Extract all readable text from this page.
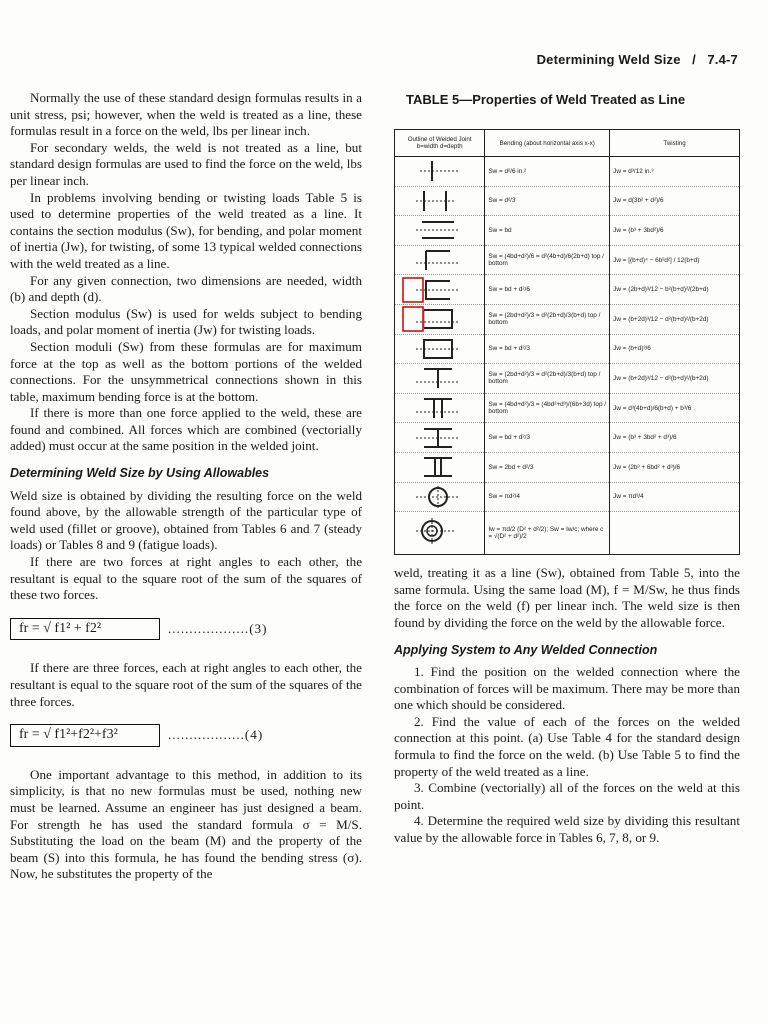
Determining Weld Size / 7.4-7

Normally the use of these standard design formulas results in a unit stress, psi; however, when the weld is treated as a line, these formulas result in a force on the weld, lbs per linear inch.

For secondary welds, the weld is not treated as a line, but standard design formulas are used to find the force on the weld, lbs per linear inch.

In problems involving bending or twisting loads Table 5 is used to determine properties of the weld treated as a line. It contains the section modulus (Sw), for bending, and polar moment of inertia (Jw), for twisting, of some 13 typical welded connections with the weld treated as a line.

For any given connection, two dimensions are needed, width (b) and depth (d).

Section modulus (Sw) is used for welds subject to bending loads, and polar moment of inertia (Jw) for twisting loads.

Section moduli (Sw) from these formulas are for maximum force at the top as well as the bottom portions of the welded connections. For the unsymmetrical connections shown in this table, maximum bending force is at the bottom.

If there is more than one force applied to the weld, these are found and combined. All forces which are combined (vectorially added) must occur at the same position in the welded joint.

Determining Weld Size by Using Allowables

Weld size is obtained by dividing the resulting force on the weld found above, by the allowable strength of the particular type of weld used (fillet or groove), obtained from Tables 6 and 7 (steady loads) or Tables 8 and 9 (fatigue loads).

If there are two forces at right angles to each other, the resultant is equal to the square root of the sum of the squares of these two forces.

fr = √ f1² + f2²	...................(3)

If there are three forces, each at right angles to each other, the resultant is equal to the square root of the sum of the squares of the three forces.

fr = √ f1²+f2²+f3²	..................(4)

One important advantage to this method, in addition to its simplicity, is that no new formulas must be used, nothing new must be learned. Assume an engineer has just designed a beam. For strength he has used the standard formula σ = M/S. Substituting the load on the beam (M) and the property of the beam (S) into this formula, he has found the bending stress (σ). Now, he substitutes the property of the

TABLE 5—Properties of Weld Treated as Line
Outline of Welded Joint b=width d=depth	Bending (about horizontal axis x-x)	Twisting

	Sw = d²/6 in.²	Jw = d³/12 in.³

	Sw = d²/3	Jw = d(3b² + d²)/6

	Sw = bd	Jw = (b³ + 3bd²)/6

	Sw = (4bd+d²)/6 = d²(4b+d)/6(2b+d) top / bottom	Jw = [(b+d)⁴ − 6b²d²] / 12(b+d)

	Sw = bd + d²/6	Jw = (2b+d)³/12 − b²(b+d)²/(2b+d)

	Sw = (2bd+d²)/3 = d²(2b+d)/3(b+d) top / bottom	Jw = (b+2d)³/12 − d²(b+d)²/(b+2d)

	Sw = bd + d²/3	Jw = (b+d)³/6

	Sw = (2bd+d²)/3 = d²(2b+d)/3(b+d) top / bottom	Jw = (b+2d)³/12 − d²(b+d)²/(b+2d)

	Sw = (4bd+d²)/3 = (4bd²+d³)/(6b+3d) top / bottom	Jw = d³(4b+d)/6(b+d) + b³/6

	Sw = bd + d²/3	Jw = (b³ + 3bd² + d³)/6

	Sw = 2bd + d²/3	Jw = (2b³ + 6bd² + d³)/6

	Sw = πd²/4	Jw = πd³/4

	Iw = πd/2 (D² + d²/2); Sw = Iw/c; where c = √(D² + d²)/2	

weld, treating it as a line (Sw), obtained from Table 5, into the same formula. Using the same load (M), f = M/Sw, he thus finds the force on the weld (f) per linear inch. The weld size is then found by dividing the force on the weld by the allowable force.

Applying System to Any Welded Connection

1. Find the position on the welded connection where the combination of forces will be maximum. There may be more than one which should be considered.

2. Find the value of each of the forces on the welded connection at this point. (a) Use Table 4 for the standard design formula to find the force on the weld. (b) Use Table 5 to find the property of the weld treated as a line.

3. Combine (vectorially) all of the forces on the weld at this point.

4. Determine the required weld size by dividing this resultant value by the allowable force in Tables 6, 7, 8, or 9.
